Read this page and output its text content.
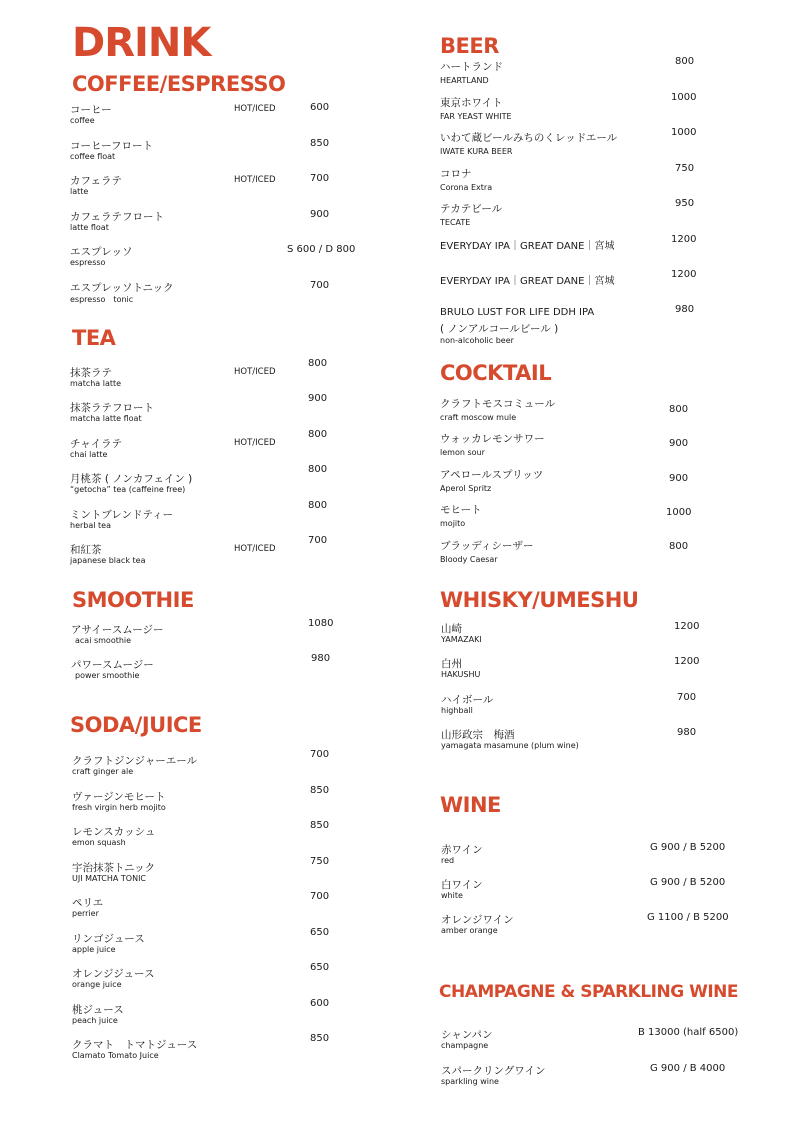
DRINK
COFFEE/ESPRESSO
コーヒー
coffee
HOT/ICED	600
コーヒーフロート
coffee float
850
カフェラテ
latte
HOT/ICED	700
カフェラテフロート
latte float
900
エスプレッソ
espresso
S 600 / D 800
エスプレッソトニック
espresso　tonic
700
TEA
抹茶ラテ
matcha latte
HOT/ICED
800
抹茶ラテフロート
matcha latte float
900
チャイラテ
chai latte
HOT/ICED
800
月桃茶 ( ノンカフェイン )
“getocha” tea (caffeine free)
800
ミントブレンドティー
herbal tea
800
和紅茶
japanese black tea
HOT/ICED
700
SMOOTHIE
アサイースムージー
acai smoothie
1080
パワースムージー
power smoothie
980
SODA/JUICE
クラフトジンジャーエール
craft ginger ale
700
ヴァージンモヒート
fresh virgin herb mojito
850
レモンスカッシュ
emon squash
850
宇治抹茶トニック
UJI MATCHA TONIC
750
ペリエ
perrier
700
リンゴジュース
apple juice
650
オレンジジュース
orange juice
650
桃ジュース
peach juice
600
クラマト　トマトジュース
Clamato Tomato Juice
850
BEER
ハートランド
HEARTLAND
800
東京ホワイト
FAR YEAST WHITE
1000
いわて蔵ビールみちのくレッドエール
IWATE KURA BEER
1000
コロナ
Corona Extra
750
テカテビール
TECATE
950
EVERYDAY IPA｜GREAT DANE｜宮城
1200
EVERYDAY IPA｜GREAT DANE｜宮城
1200
BRULO LUST FOR LIFE DDH IPA
( ノンアルコールビール )
non-alcoholic beer
980
COCKTAIL
クラフトモスコミュール
craft moscow mule
800
ウォッカレモンサワー
lemon sour
900
アペロールスプリッツ
Aperol Spritz
900
モヒート
mojito
1000
ブラッディシーザー
Bloody Caesar
800
WHISKY/UMESHU
山崎
YAMAZAKI
1200
白州
HAKUSHU
1200
ハイボール
highball
700
山形政宗　梅酒
yamagata masamune (plum wine)
980
WINE
赤ワイン
red
G 900 / B 5200
白ワイン
white
G 900 / B 5200
オレンジワイン
amber orange
G 1100 / B 5200
CHAMPAGNE & SPARKLING WINE
シャンパン
champagne
B 13000 (half 6500)
スパークリングワイン
sparkling wine
G 900 / B 4000
